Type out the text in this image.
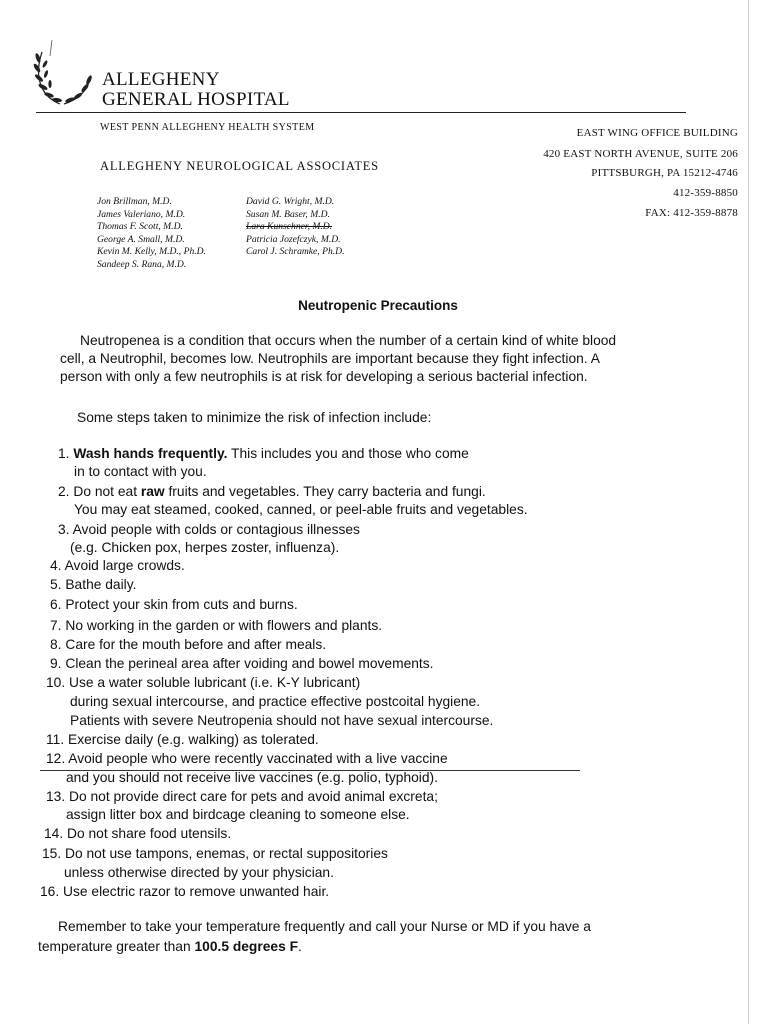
ALLEGHENY
GENERAL HOSPITAL
WEST PENN ALLEGHENY HEALTH SYSTEM
ALLEGHENY NEUROLOGICAL ASSOCIATES
EAST WING OFFICE BUILDING
420 EAST NORTH AVENUE, SUITE 206
PITTSBURGH, PA 15212-4746
412-359-8850
FAX: 412-359-8878
Jon Brillman, M.D.
James Valeriano, M.D.
Thomas F. Scott, M.D.
George A. Small, M.D.
Kevin M. Kelly, M.D., Ph.D.
Sandeep S. Rana, M.D.
David G. Wright, M.D.
Susan M. Baser, M.D.
Lara Kunschner, M.D.
Patricia Jozefczyk, M.D.
Carol J. Schramke, Ph.D.
Neutropenic Precautions
Neutropenea is a condition that occurs when the number of a certain kind of white blood
cell, a Neutrophil, becomes low. Neutrophils are important because they fight infection. A
person with only a few neutrophils is at risk for developing a serious bacterial infection.
Some steps taken to minimize the risk of infection include:
1. Wash hands frequently. This includes you and those who come
in to contact with you.
2. Do not eat raw fruits and vegetables. They carry bacteria and fungi.
You may eat steamed, cooked, canned, or peel-able fruits and vegetables.
3. Avoid people with colds or contagious illnesses
(e.g. Chicken pox, herpes zoster, influenza).
4. Avoid large crowds.
5. Bathe daily.
6. Protect your skin from cuts and burns.
7. No working in the garden or with flowers and plants.
8. Care for the mouth before and after meals.
9. Clean the perineal area after voiding and bowel movements.
10. Use a water soluble lubricant (i.e. K-Y lubricant)
during sexual intercourse, and practice effective postcoital hygiene.
Patients with severe Neutropenia should not have sexual intercourse.
11. Exercise daily (e.g. walking) as tolerated.
12. Avoid people who were recently vaccinated with a live vaccine
and you should not receive live vaccines (e.g. polio, typhoid).
13. Do not provide direct care for pets and avoid animal excreta;
assign litter box and birdcage cleaning to someone else.
14. Do not share food utensils.
15. Do not use tampons, enemas, or rectal suppositories
unless otherwise directed by your physician.
16. Use electric razor to remove unwanted hair.
Remember to take your temperature frequently and call your Nurse or MD if you have a
temperature greater than 100.5 degrees F.
